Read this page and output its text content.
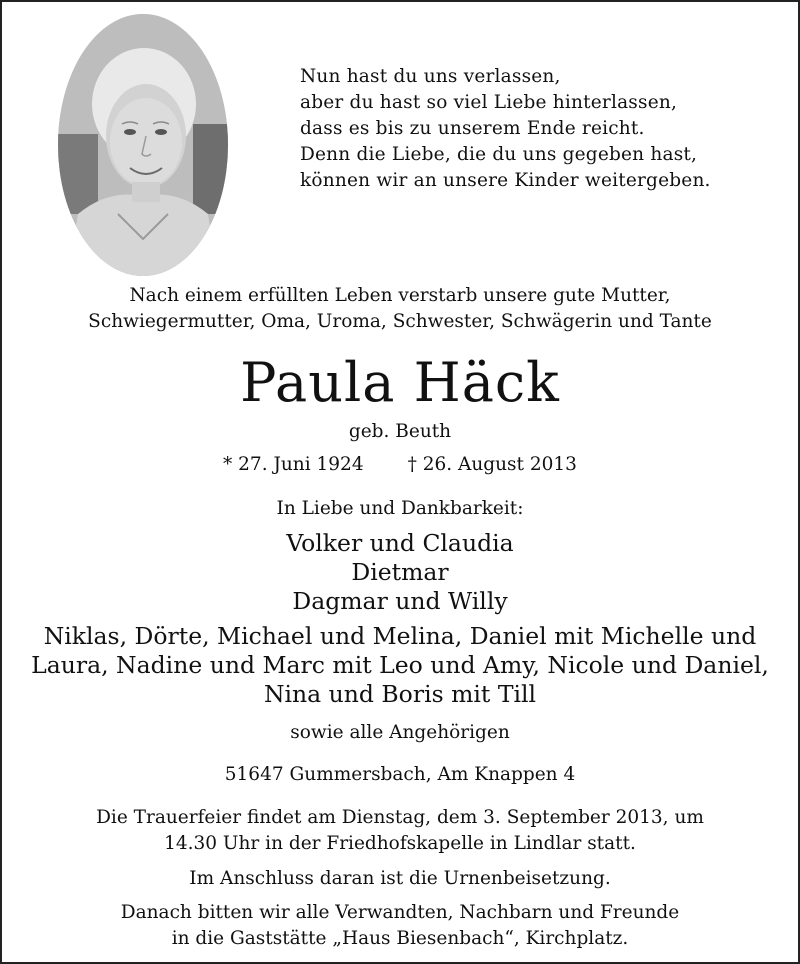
Nun hast du uns verlassen,
aber du hast so viel Liebe hinterlassen,
dass es bis zu unserem Ende reicht.
Denn die Liebe, die du uns gegeben hast,
können wir an unsere Kinder weitergeben.
Nach einem erfüllten Leben verstarb unsere gute Mutter,
Schwiegermutter, Oma, Uroma, Schwester, Schwägerin und Tante
Paula Häck
geb. Beuth
* 27. Juni 1924 † 26. August 2013
In Liebe und Dankbarkeit:
Volker und Claudia
Dietmar
Dagmar und Willy
Niklas, Dörte, Michael und Melina, Daniel mit Michelle und
Laura, Nadine und Marc mit Leo und Amy, Nicole und Daniel,
Nina und Boris mit Till
sowie alle Angehörigen
51647 Gummersbach, Am Knappen 4
Die Trauerfeier findet am Dienstag, dem 3. September 2013, um
14.30 Uhr in der Friedhofskapelle in Lindlar statt.
Im Anschluss daran ist die Urnenbeisetzung.
Danach bitten wir alle Verwandten, Nachbarn und Freunde
in die Gaststätte „Haus Biesenbach“, Kirchplatz.
